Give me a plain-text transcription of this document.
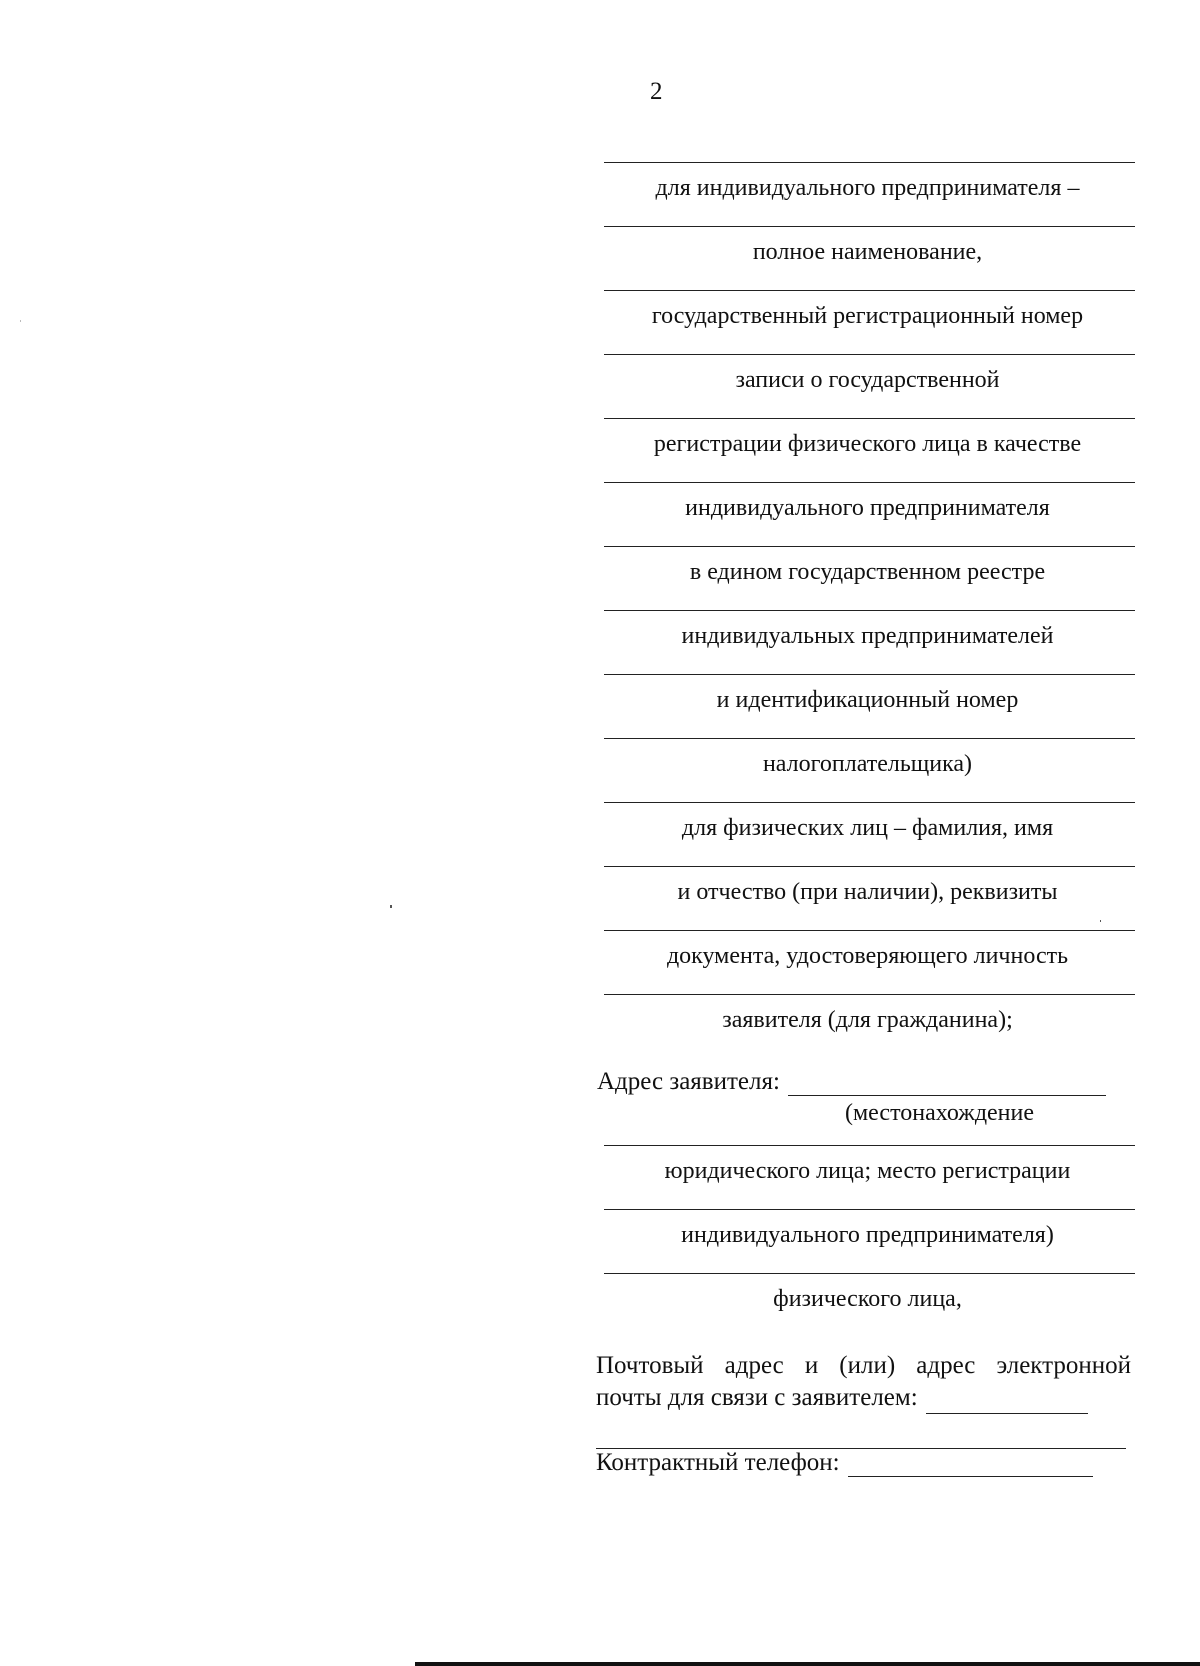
2
для индивидуального предпринимателя –
полное наименование,
государственный регистрационный номер
записи о государственной
регистрации физического лица в качестве
индивидуального предпринимателя
в едином государственном реестре
индивидуальных предпринимателей
и идентификационный номер
налогоплательщика)
для физических лиц – фамилия, имя
и отчество (при наличии), реквизиты
документа, удостоверяющего личность
заявителя (для гражданина);
Адрес заявителя:
(местонахождение
юридического лица; место регистрации
индивидуального предпринимателя)
физического лица,
Почтовый адрес и (или) адрес электронной
почты для связи с заявителем:
Контрактный телефон:
